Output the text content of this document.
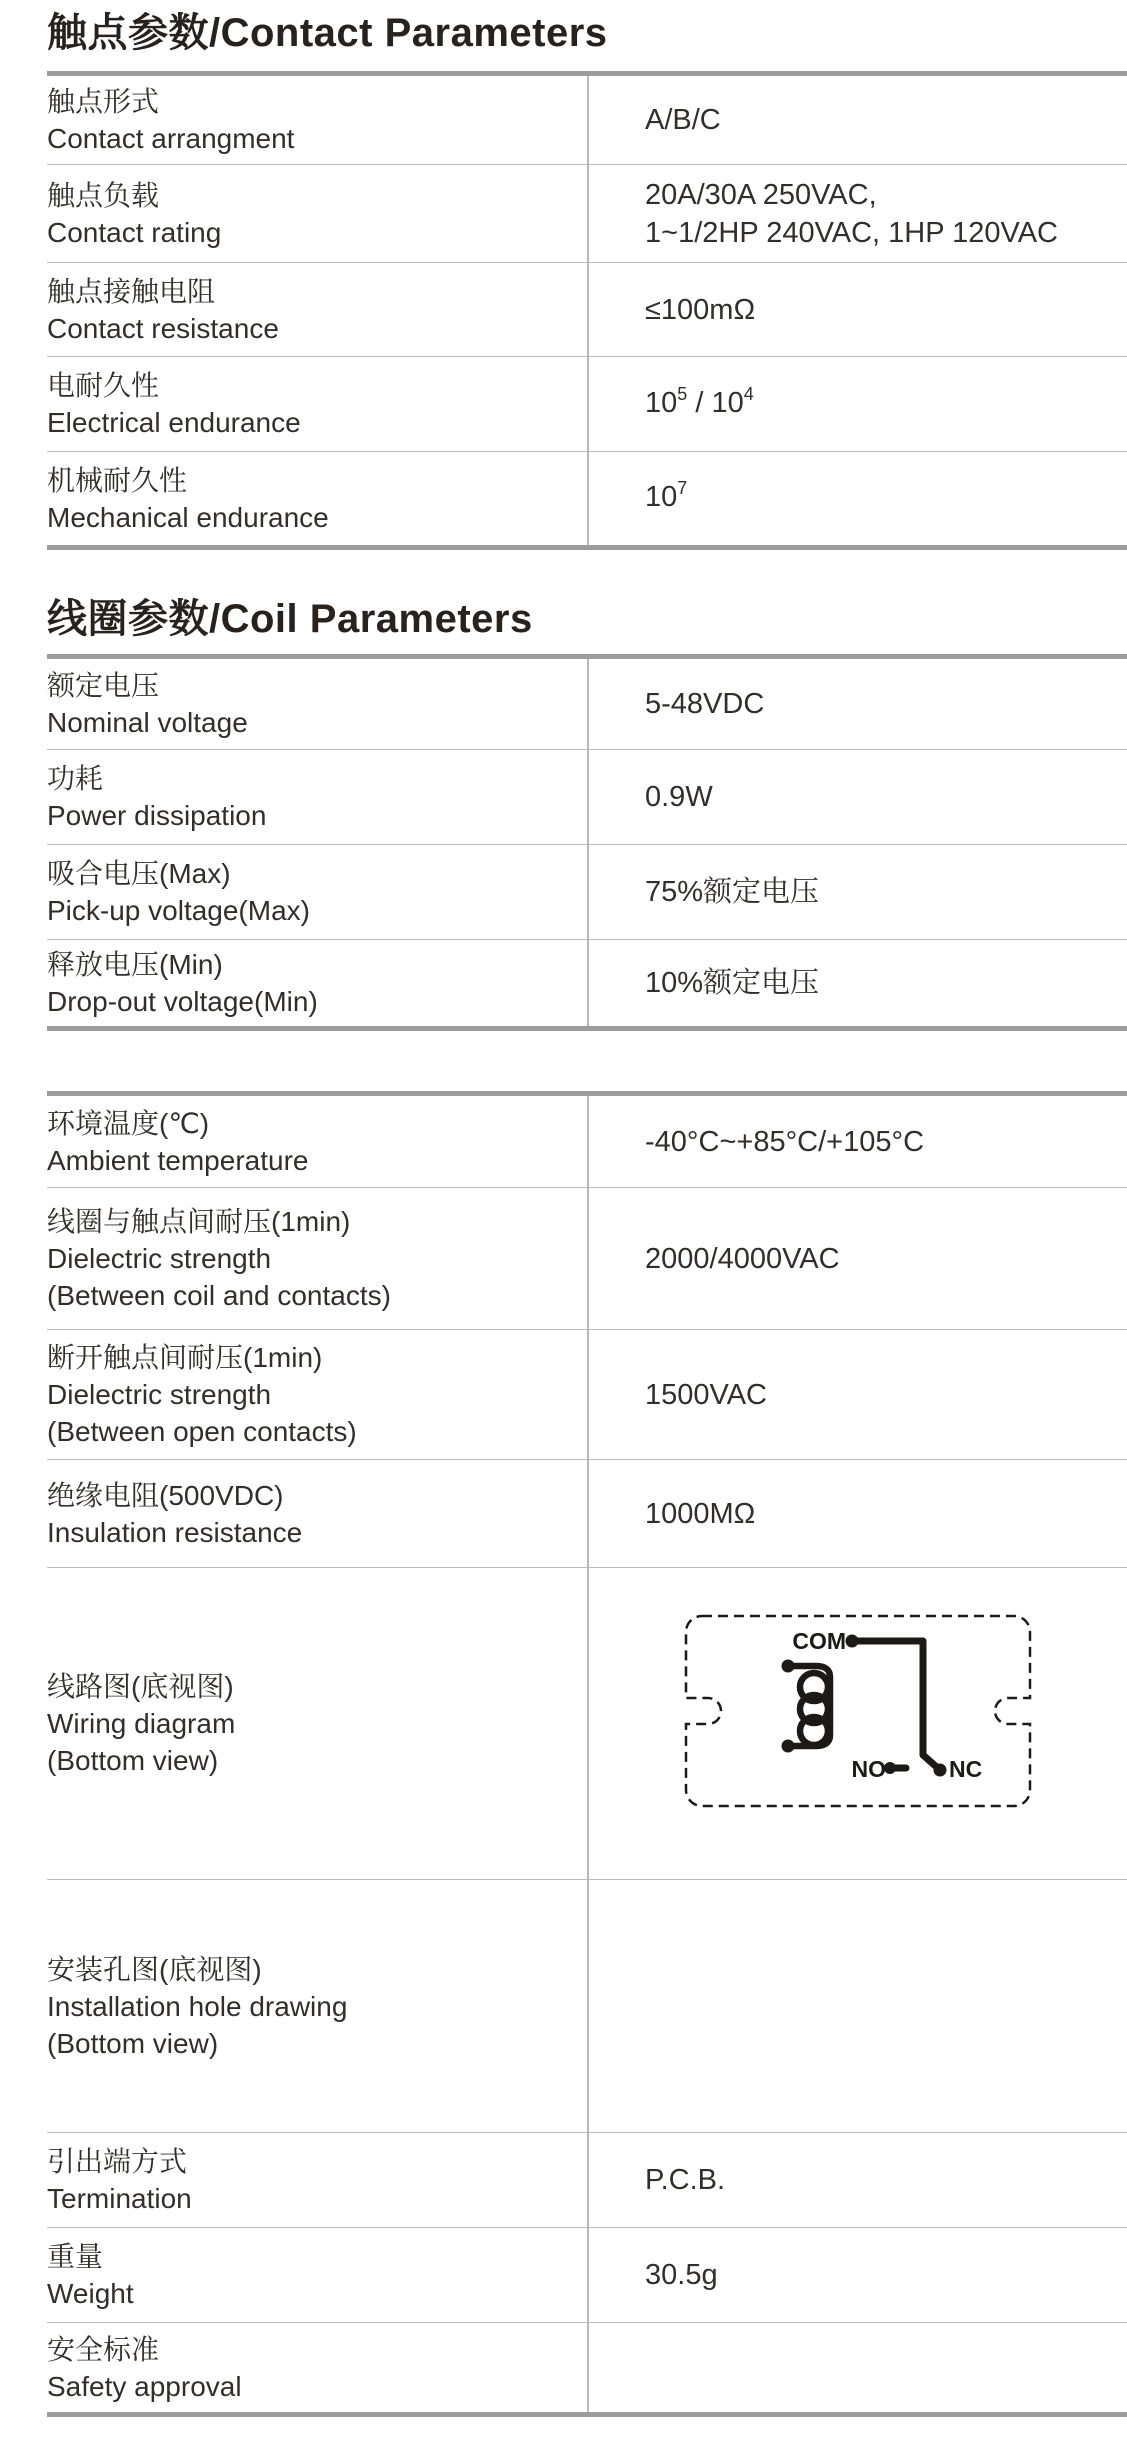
触点参数/Contact Parameters
触点形式
Contact arrangment
A/B/C
触点负载
Contact rating
20A/30A 250VAC,
1~1/2HP 240VAC, 1HP 120VAC
触点接触电阻
Contact resistance
≤100mΩ
电耐久性
Electrical endurance
$10^5 / 10^4$
机械耐久性
Mechanical endurance
$10^7$
线圈参数/Coil Parameters
额定电压
Nominal voltage
5-48VDC
功耗
Power dissipation
0.9W
吸合电压(Max)
Pick-up voltage(Max)
75%额定电压
释放电压(Min)
Drop-out voltage(Min)
10%额定电压
环境温度(℃)
Ambient temperature
-40°C~+85°C/+105°C
线圈与触点间耐压(1min)
Dielectric strength
(Between coil and contacts)
2000/4000VAC
断开触点间耐压(1min)
Dielectric strength
(Between open contacts)
1500VAC
绝缘电阻(500VDC)
Insulation resistance
1000MΩ
线路图(底视图)
Wiring diagram
(Bottom view)
COM
NO	NC
安装孔图(底视图)
Installation hole drawing
(Bottom view)
引出端方式
Termination
P.C.B.
重量
Weight
30.5g
安全标准
Safety approval
